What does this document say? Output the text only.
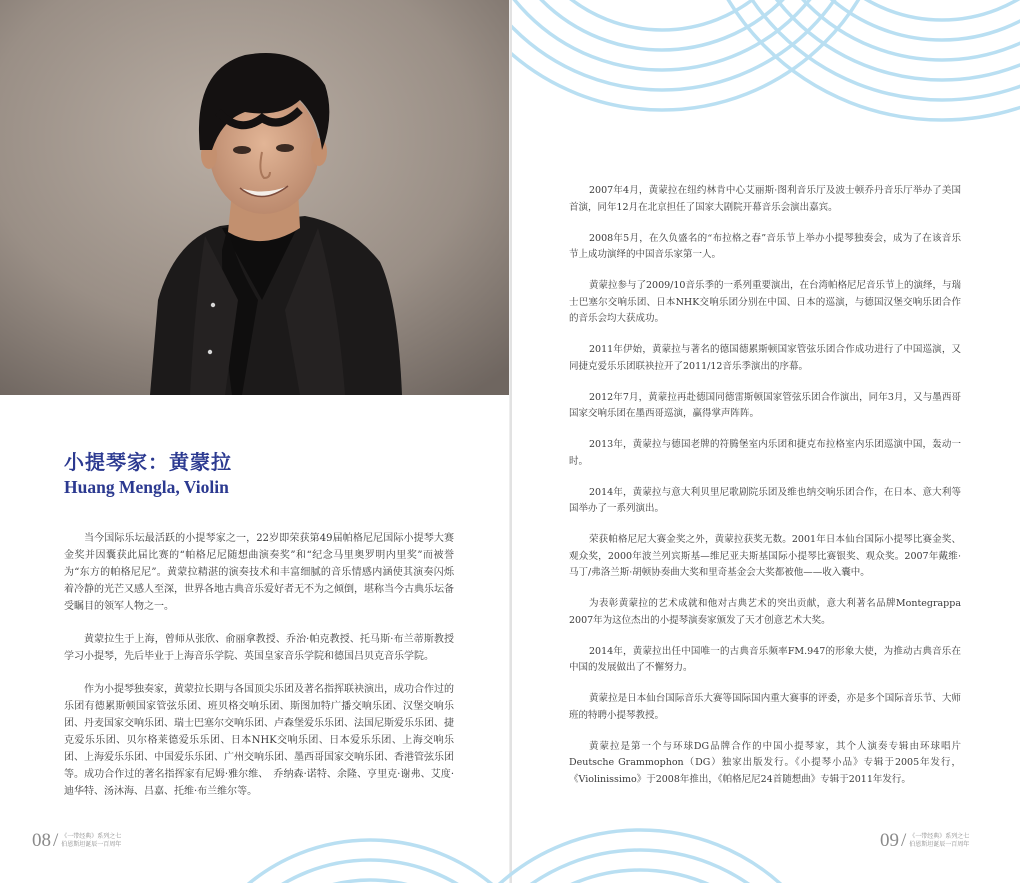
小提琴家：黄蒙拉
Huang Mengla, Violin

当今国际乐坛最活跃的小提琴家之一，22岁即荣获第49届帕格尼尼国际小提琴大赛金奖并因囊获此届比赛的“帕格尼尼随想曲演奏奖”和“纪念马里奥罗明内里奖”而被誉为“东方的帕格尼尼”。黄蒙拉精湛的演奏技术和丰富细腻的音乐情感内涵使其演奏闪烁着冷静的光芒又感人至深，世界各地古典音乐爱好者无不为之倾倒，堪称当今古典乐坛备受瞩目的领军人物之一。

黄蒙拉生于上海，曾师从张欣、俞丽拿教授、乔治·帕克教授、托马斯·布兰蒂斯教授学习小提琴，先后毕业于上海音乐学院、英国皇家音乐学院和德国吕贝克音乐学院。

作为小提琴独奏家，黄蒙拉长期与各国顶尖乐团及著名指挥联袂演出，成功合作过的乐团有德累斯顿国家管弦乐团、班贝格交响乐团、斯图加特广播交响乐团、汉堡交响乐团、丹麦国家交响乐团、瑞士巴塞尔交响乐团、卢森堡爱乐乐团、法国尼斯爱乐乐团、捷克爱乐乐团、贝尔格莱德爱乐乐团、日本NHK交响乐团、日本爱乐乐团、上海交响乐团、上海爱乐乐团、中国爱乐乐团、广州交响乐团、墨西哥国家交响乐团、香港管弦乐团等。成功合作过的著名指挥家有尼姆·雅尔维、　乔纳森·诺特、余隆、亨里克·谢弗、艾度·迪华特、汤沐海、吕嘉、托维·布兰维尔等。

2007年4月，黄蒙拉在纽约林肯中心艾丽斯·图利音乐厅及波士顿乔丹音乐厅举办了美国首演，同年12月在北京担任了国家大剧院开幕音乐会演出嘉宾。

2008年5月，在久负盛名的“布拉格之春”音乐节上举办小提琴独奏会，成为了在该音乐节上成功演绎的中国音乐家第一人。

黄蒙拉参与了2009/10音乐季的一系列重要演出，在台湾帕格尼尼音乐节上的演绎，与瑞士巴塞尔交响乐团、日本NHK交响乐团分别在中国、日本的巡演，与德国汉堡交响乐团合作的音乐会均大获成功。

2011年伊始，黄蒙拉与著名的德国德累斯顿国家管弦乐团合作成功进行了中国巡演，又同捷克爱乐乐团联袂拉开了2011/12音乐季演出的序幕。

2012年7月，黄蒙拉再赴德国同德雷斯顿国家管弦乐团合作演出，同年3月，又与墨西哥国家交响乐团在墨西哥巡演，赢得掌声阵阵。

2013年，黄蒙拉与德国老牌的符腾堡室内乐团和捷克布拉格室内乐团巡演中国，轰动一时。

2014年，黄蒙拉与意大利贝里尼歌剧院乐团及维也纳交响乐团合作，在日本、意大利等国举办了一系列演出。

荣获帕格尼尼大赛金奖之外，黄蒙拉获奖无数。2001年日本仙台国际小提琴比赛金奖、观众奖，2000年波兰列宾斯基—维尼亚夫斯基国际小提琴比赛银奖、观众奖。2007年戴维·马丁/弗洛兰斯·胡顿协奏曲大奖和里奇基金会大奖都被他——收入囊中。

为表彰黄蒙拉的艺术成就和他对古典艺术的突出贡献，意大利著名品牌Montegrappa 2007年为这位杰出的小提琴演奏家颁发了天才创意艺术大奖。

2014年，黄蒙拉出任中国唯一的古典音乐频率FM.947的形象大使，为推动古典音乐在中国的发展做出了不懈努力。

黄蒙拉是日本仙台国际音乐大赛等国际国内重大赛事的评委，亦是多个国际音乐节、大师班的特聘小提琴教授。

黄蒙拉是第一个与环球DG品牌合作的中国小提琴家，其个人演奏专辑由环球唱片Deutsche Grammophon（DG）独家出版发行。《小提琴小品》专辑于2005年发行，《Violinissimo》于2008年推出，《帕格尼尼24首随想曲》专辑于2011年发行。

08 / 《一带经典》系列之七
伯恩斯坦诞辰一百周年	09 / 《一带经典》系列之七
伯恩斯坦诞辰一百周年
